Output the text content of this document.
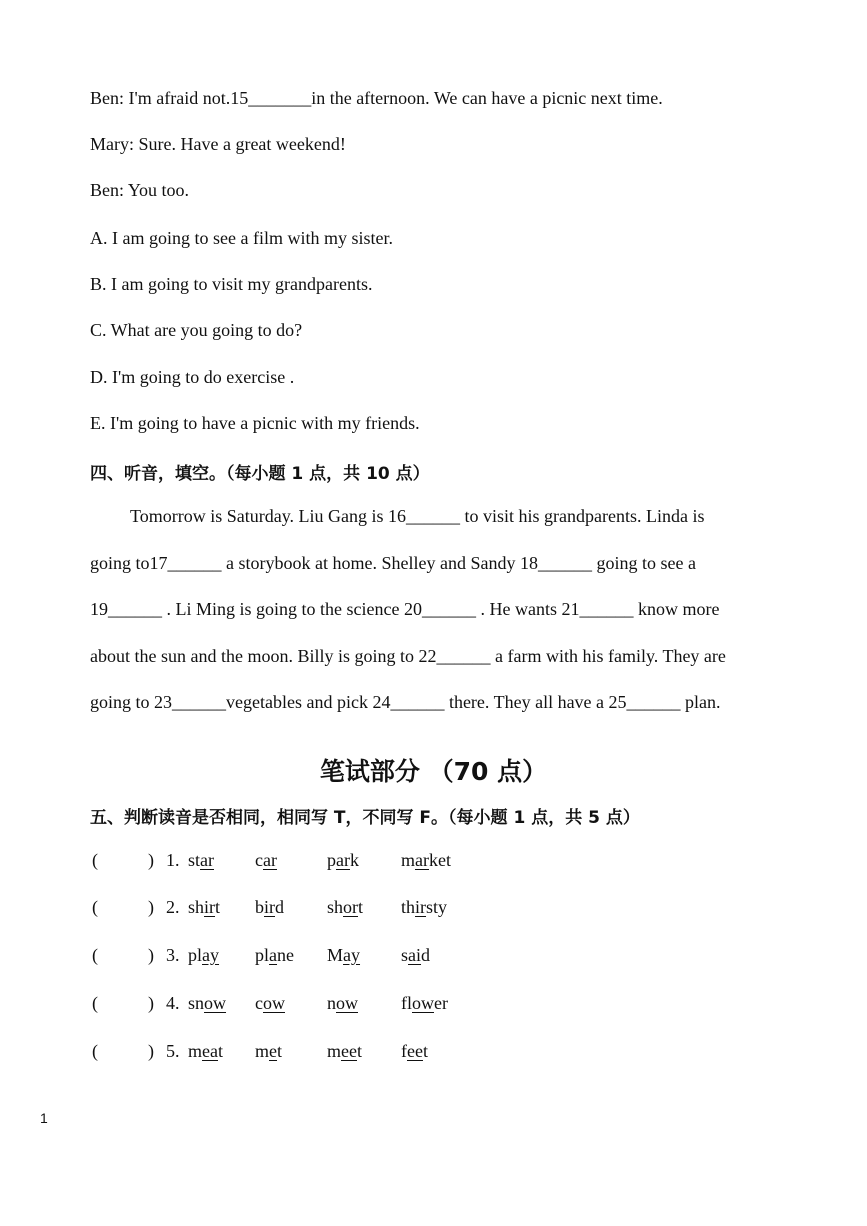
Ben: I'm afraid not.15_______in the afternoon. We can have a picnic next time.
Mary: Sure. Have a great weekend!
Ben: You too.
A. I am going to see a film with my sister.
B. I am going to visit my grandparents.
C. What are you going to do?
D. I'm going to do exercise .
E. I'm going to have a picnic with my friends.
四、听音，填空。（每小题 1 点，共 10 点）
Tomorrow is Saturday. Liu Gang is 16______ to visit his grandparents. Linda is
going to17______ a storybook at home. Shelley and Sandy 18______ going to see a
19______ . Li Ming is going to the science 20______ . He wants 21______ know more
about the sun and the moon. Billy is going to 22______ a farm with his family. They are
going to 23______vegetables and pick 24______ there. They all have a 25______ plan.
笔试部分 （70 点）
五、判断读音是否相同，相同写 T，不同写 F。（每小题 1 点，共 5 点）
(	) 1. star car	park market
(	) 2. shirt bird short thirsty
(	) 3. play plane May said
(	) 4. snow cow now flower
(	) 5. meat met meet feet
1
